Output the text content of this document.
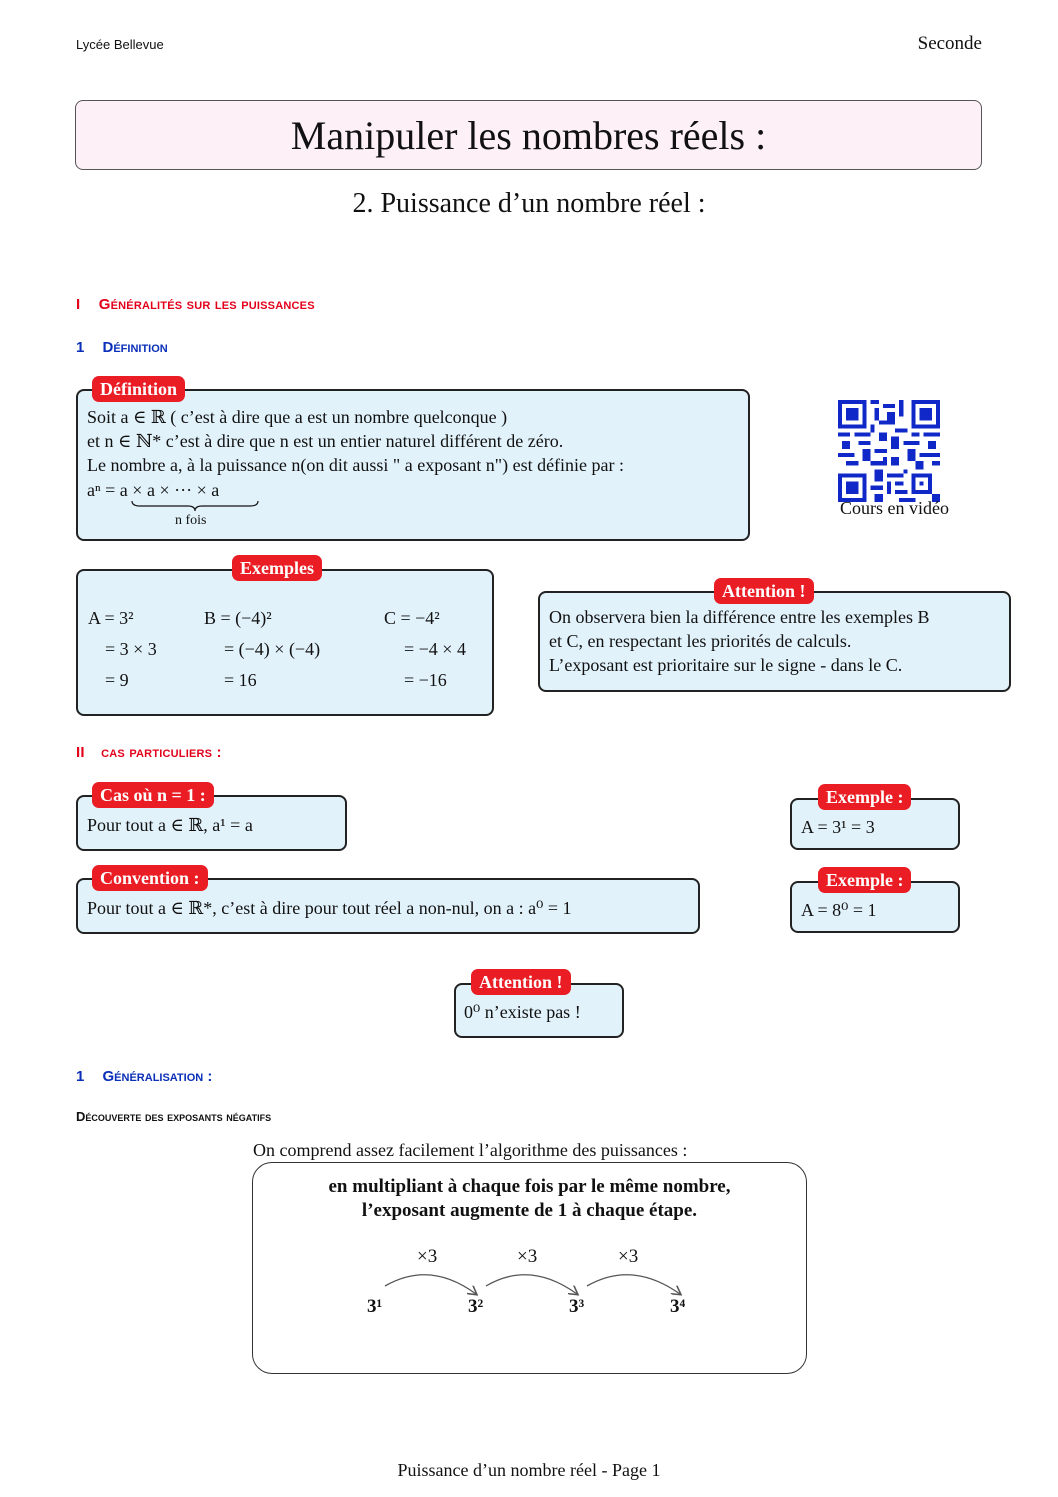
Lycée Bellevue	Seconde
Manipuler les nombres réels :
2. Puissance d’un nombre réel :
I Généralités sur les puissances
1 Définition
Soit a ∈ ℝ ( c’est à dire que a est un nombre quelconque )
et n ∈ ℕ* c’est à dire que n est un entier naturel différent de zéro.
Le nombre a, à la puissance n(on dit aussi " a exposant n") est définie par :
aⁿ = a × a × ··· × a
n fois
Définition
Cours en vidéo
Exemples
A = 3²	B = (−4)²	C = −4²
= 3 × 3	= (−4) × (−4)	= −4 × 4
= 9	= 16	= −16
On observera bien la différence entre les exemples B
et C, en respectant les priorités de calculs.
L’exposant est prioritaire sur le signe - dans le C.
Attention !
II cas particuliers :
Pour tout a ∈ ℝ, a¹ = a
Cas où n = 1 :
A = 3¹ = 3
Exemple :
Pour tout a ∈ ℝ*, c’est à dire pour tout réel a non-nul, on a : a⁰ = 1
Convention :
A = 8⁰ = 1
Exemple :
0⁰ n’existe pas !
Attention !
1 Généralisation :
Découverte des exposants négatifs
On comprend assez facilement l’algorithme des puissances :
en multipliant à chaque fois par le même nombre,
l’exposant augmente de 1 à chaque étape.
×3	×3	×3
3¹	3²	3³	3⁴
Puissance d’un nombre réel - Page 1
